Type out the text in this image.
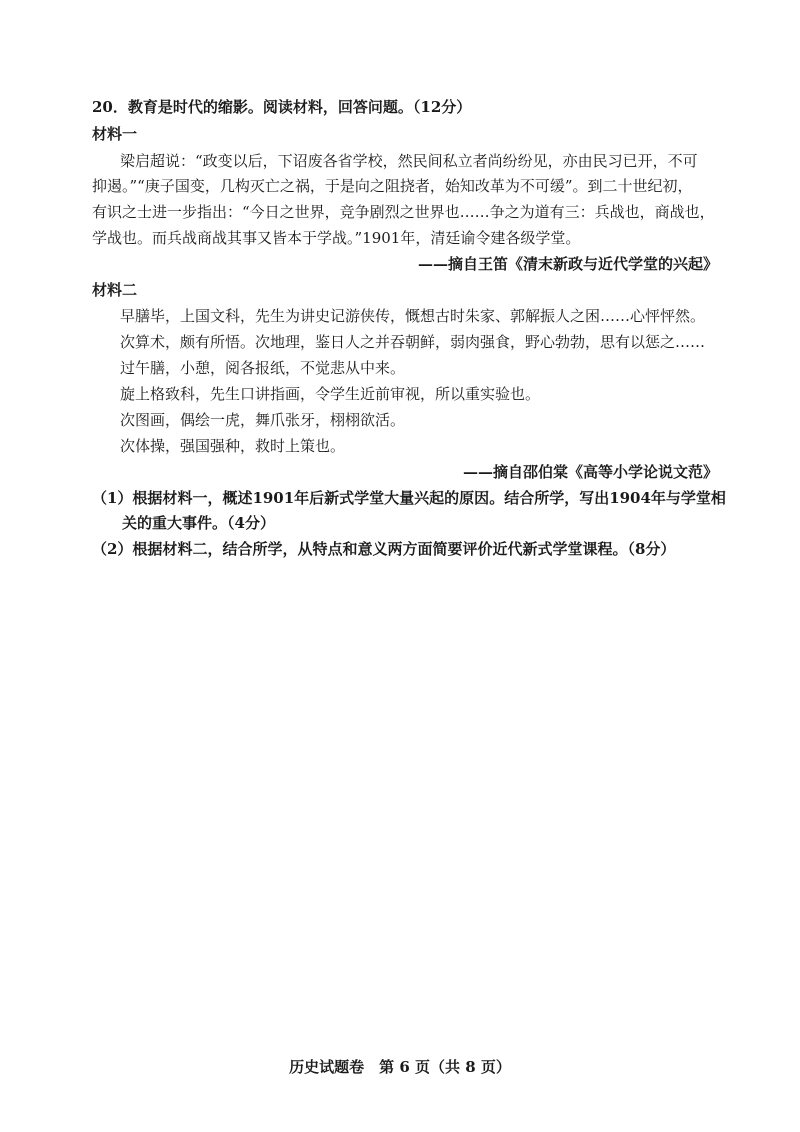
20．教育是时代的缩影。阅读材料，回答问题。（12分）
材料一
梁启超说：“政变以后，下诏废各省学校，然民间私立者尚纷纷见，亦由民习已开，不可
抑遏。”“庚子国变，几构灭亡之祸，于是向之阻挠者，始知改革为不可缓”。到二十世纪初，
有识之士进一步指出：“今日之世界，竞争剧烈之世界也……争之为道有三：兵战也，商战也，
学战也。而兵战商战其事又皆本于学战。”1901年，清廷谕令建各级学堂。
——摘自王笛《清末新政与近代学堂的兴起》
材料二
早膳毕，上国文科，先生为讲史记游侠传，慨想古时朱家、郭解振人之困……心怦怦然。
次算术，颇有所悟。次地理，鉴日人之并吞朝鲜，弱肉强食，野心勃勃，思有以惩之……
过午膳，小憩，阅各报纸，不觉悲从中来。
旋上格致科，先生口讲指画，令学生近前审视，所以重实验也。
次图画，偶绘一虎，舞爪张牙，栩栩欲活。
次体操，强国强种，救时上策也。
——摘自邵伯棠《高等小学论说文范》
（1）根据材料一，概述1901年后新式学堂大量兴起的原因。结合所学，写出1904年与学堂相
关的重大事件。（4分）
（2）根据材料二，结合所学，从特点和意义两方面简要评价近代新式学堂课程。（8分）
历史试题卷　第 6 页（共 8 页）
